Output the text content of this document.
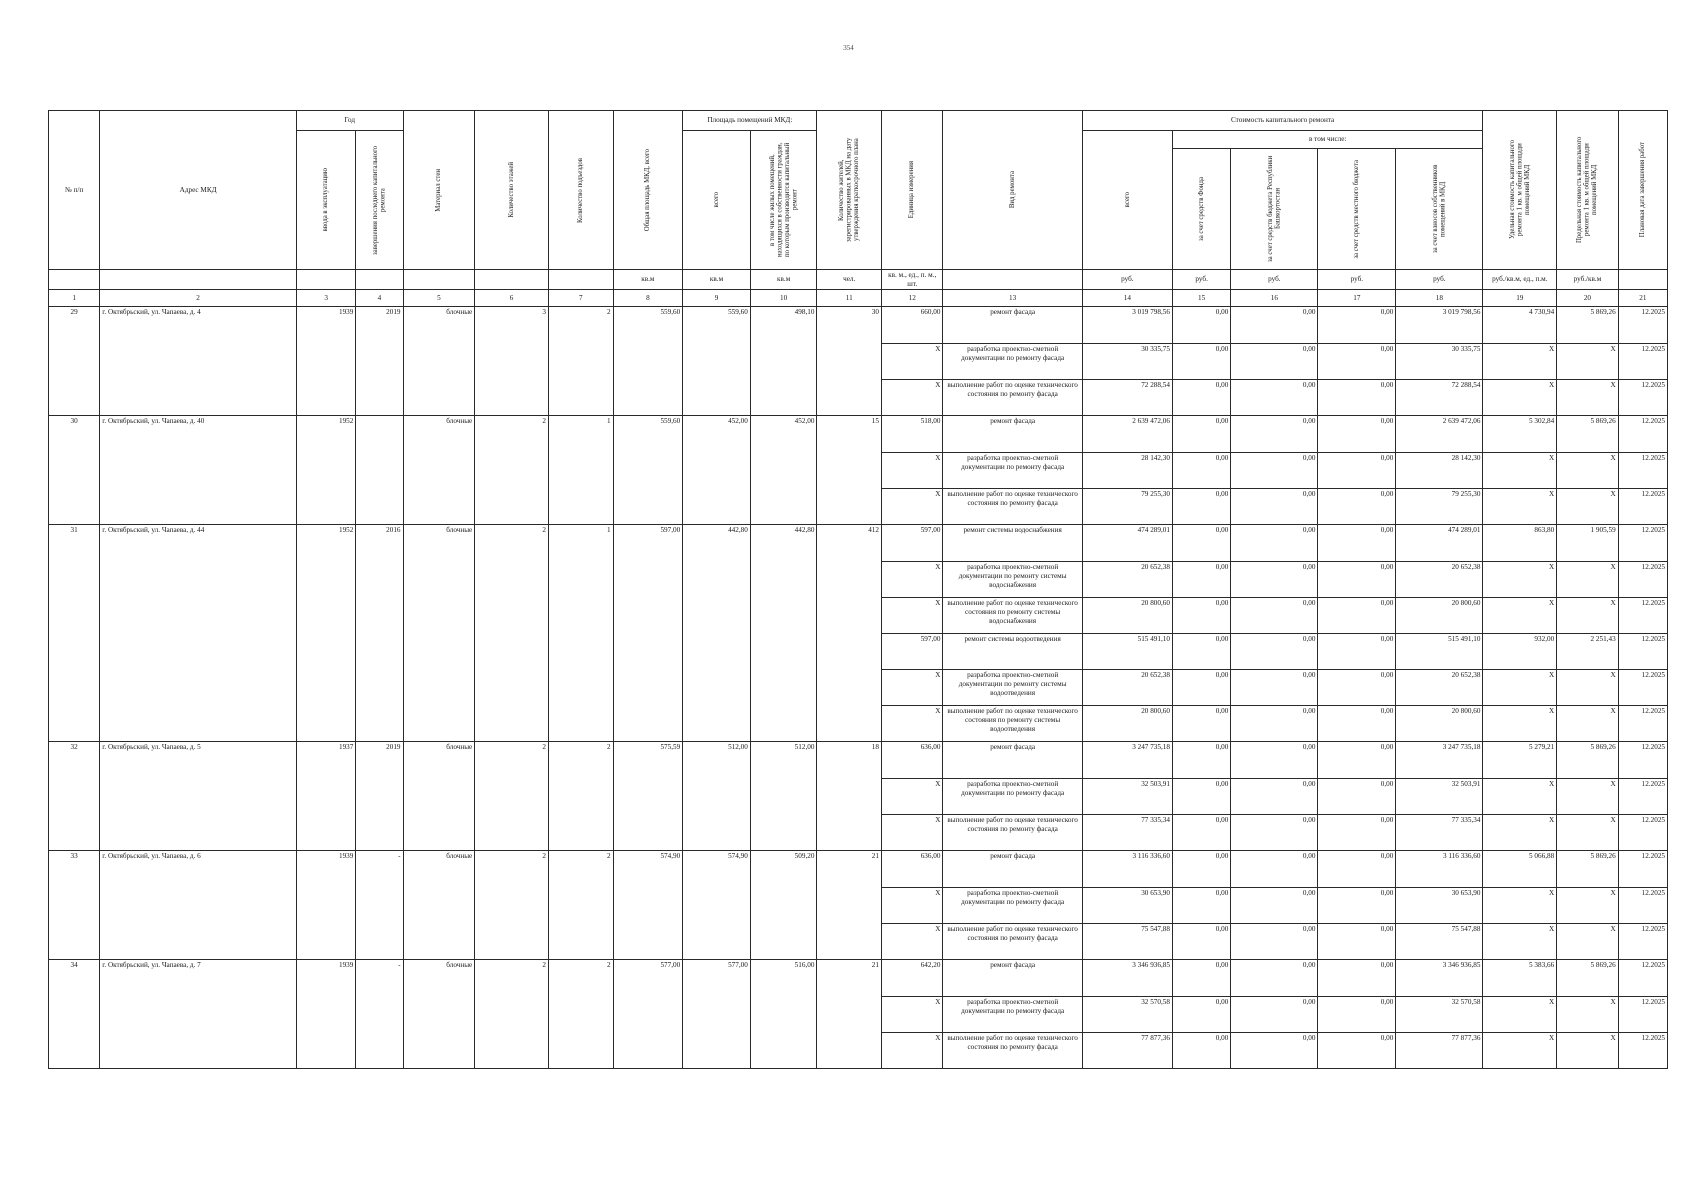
354
№ п/п	Адрес МКД	Год		Материал стен	Количество этажей	Количество подъездов	Общая площадь МКД, всего	Площадь помещений МКД:		Количество жителей, зарегистрированных в МКД на дату утверждения краткосрочного плана	Единица измерения	Вид ремонта	Стоимость капитального ремонта					Удельная стоимость капитального ремонта 1 кв. м общей площади помещений МКД	Предельная стоимость капитального ремонта 1 кв. м общей площади помещений МКД	Плановая дата завершения работ

		ввода в эксплуатацию	завершения последнего капитального ремонта					всего	в том числе жилых помещений, находящихся в собственности граждан, по которым производится капитальный ремонт				всего	в том числе:						

														за счет средств Фонда	за счет средств бюджета Республики Башкортостан	за счет средств местного бюджета	за счет взносов собственников помещений в МКД			

							кв.м	кв.м	кв.м	чел.	кв. м., ед., п. м., шт.		руб.	руб.	руб.	руб.	руб.	руб./кв.м, ед., п.м.	руб./кв.м	
1	2	3	4	5	6	7	8	9	10	11	12	13	14	15	16	17	18	19	20	21
29	г. Октябрьский, ул. Чапаева, д. 4	1939	2019	блочные	3	2	559,60	559,60	498,10	30	660,00	ремонт фасада	3 019 798,56	0,00	0,00	0,00	3 019 798,56	4 730,94	5 869,26	12.2025
											X	разработка проектно-сметной документации по ремонту фасада	30 335,75	0,00	0,00	0,00	30 335,75	X	X	12.2025
											X	выполнение работ по оценке технического состояния по ремонту фасада	72 288,54	0,00	0,00	0,00	72 288,54	X	X	12.2025
30	г. Октябрьский, ул. Чапаева, д. 40	1952		блочные	2	1	559,60	452,00	452,00	15	518,00	ремонт фасада	2 639 472,06	0,00	0,00	0,00	2 639 472,06	5 302,84	5 869,26	12.2025
											X	разработка проектно-сметной документации по ремонту фасада	28 142,30	0,00	0,00	0,00	28 142,30	X	X	12.2025
											X	выполнение работ по оценке технического состояния по ремонту фасада	79 255,30	0,00	0,00	0,00	79 255,30	X	X	12.2025
31	г. Октябрьский, ул. Чапаева, д. 44	1952	2016	блочные	2	1	597,00	442,80	442,80	412	597,00	ремонт системы водоснабжения	474 289,01	0,00	0,00	0,00	474 289,01	863,80	1 905,59	12.2025
											X	разработка проектно-сметной документации по ремонту системы водоснабжения	20 652,38	0,00	0,00	0,00	20 652,38	X	X	12.2025
											X	выполнение работ по оценке технического состояния по ремонту системы водоснабжения	20 800,60	0,00	0,00	0,00	20 800,60	X	X	12.2025
											597,00	ремонт системы водоотведения	515 491,10	0,00	0,00	0,00	515 491,10	932,00	2 251,43	12.2025
											X	разработка проектно-сметной документации по ремонту системы водоотведения	20 652,38	0,00	0,00	0,00	20 652,38	X	X	12.2025
											X	выполнение работ по оценке технического состояния по ремонту системы водоотведения	20 800,60	0,00	0,00	0,00	20 800,60	X	X	12.2025
32	г. Октябрьский, ул. Чапаева, д. 5	1937	2019	блочные	2	2	575,59	512,00	512,00	18	636,00	ремонт фасада	3 247 735,18	0,00	0,00	0,00	3 247 735,18	5 279,21	5 869,26	12.2025
											X	разработка проектно-сметной документации по ремонту фасада	32 503,91	0,00	0,00	0,00	32 503,91	X	X	12.2025
											X	выполнение работ по оценке технического состояния по ремонту фасада	77 335,34	0,00	0,00	0,00	77 335,34	X	X	12.2025
33	г. Октябрьский, ул. Чапаева, д. 6	1939	-	блочные	2	2	574,90	574,90	509,20	21	636,00	ремонт фасада	3 116 336,60	0,00	0,00	0,00	3 116 336,60	5 066,88	5 869,26	12.2025
											X	разработка проектно-сметной документации по ремонту фасада	30 653,90	0,00	0,00	0,00	30 653,90	X	X	12.2025
											X	выполнение работ по оценке технического состояния по ремонту фасада	75 547,88	0,00	0,00	0,00	75 547,88	X	X	12.2025
34	г. Октябрьский, ул. Чапаева, д. 7	1939	-	блочные	2	2	577,00	577,00	516,00	21	642,20	ремонт фасада	3 346 936,85	0,00	0,00	0,00	3 346 936,85	5 383,66	5 869,26	12.2025
											X	разработка проектно-сметной документации по ремонту фасада	32 570,58	0,00	0,00	0,00	32 570,58	X	X	12.2025
											X	выполнение работ по оценке технического состояния по ремонту фасада	77 877,36	0,00	0,00	0,00	77 877,36	X	X	12.2025
